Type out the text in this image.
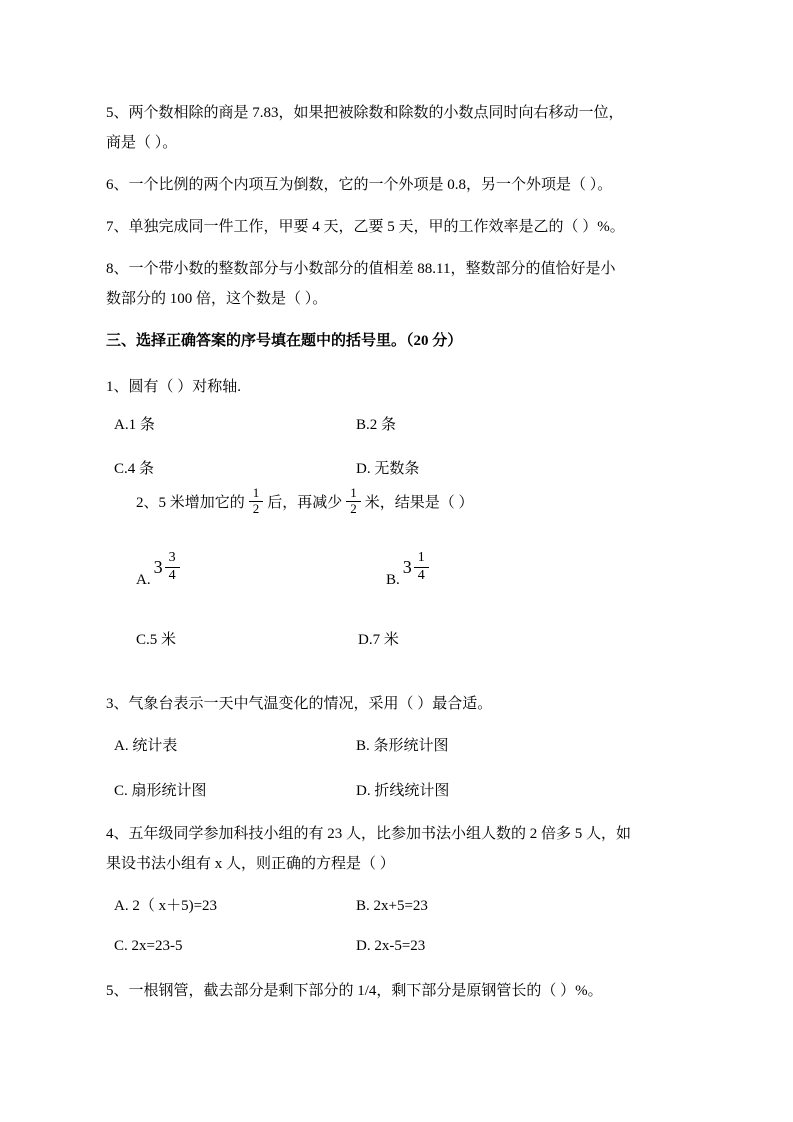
5、两个数相除的商是 7.83，如果把被除数和除数的小数点同时向右移动一位，
商是（ ）。

6、一个比例的两个内项互为倒数，它的一个外项是 0.8，另一个外项是（ ）。

7、单独完成同一件工作，甲要 4 天，乙要 5 天，甲的工作效率是乙的（ ）%。

8、一个带小数的整数部分与小数部分的值相差 88.11，整数部分的值恰好是小
数部分的 100 倍，这个数是（ ）。

三、选择正确答案的序号填在题中的括号里。（20 分）

1、圆有（ ）对称轴.

A.1 条	B.2 条
C.4 条	D. 无数条

2、5 米增加它的 $\frac{1}{2}$ 后，再减少 $\frac{1}{2}$ 米，结果是（ ）

A.
$3 \frac{3}{4}$	B.
$3 \frac{1}{4}$
C.5 米	D.7 米

3、气象台表示一天中气温变化的情况，采用（ ）最合适。

A. 统计表	B. 条形统计图
C. 扇形统计图	D. 折线统计图

4、五年级同学参加科技小组的有 23 人，比参加书法小组人数的 2 倍多 5 人，如
果设书法小组有 x 人，则正确的方程是（ ）

A. 2（ x＋5)=23	B. 2x+5=23
C. 2x=23-5	D. 2x-5=23

5、一根钢管，截去部分是剩下部分的 1/4，剩下部分是原钢管长的（ ）%。
